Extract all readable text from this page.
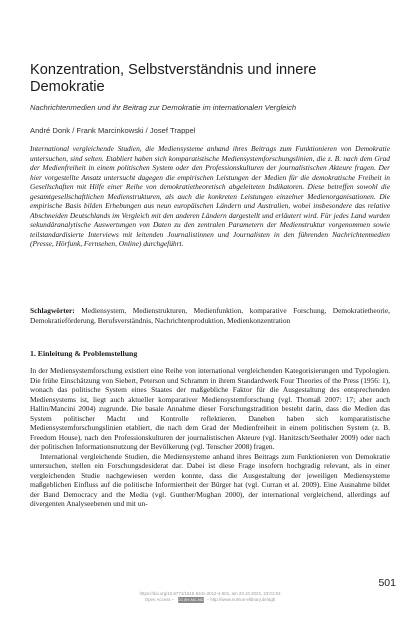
Konzentration, Selbstverständnis und innere Demokratie

Nachrichtenmedien und ihr Beitrag zur Demokratie im internationalen Vergleich

André Donk / Frank Marcinkowski / Josef Trappel

International vergleichende Studien, die Mediensysteme anhand ihres Beitrags zum Funktionieren von Demokratie untersuchen, sind selten. Etabliert haben sich komparatistische Mediensystemforschungslinien, die z. B. nach dem Grad der Medienfreiheit in einem politischen System oder den Professionskulturen der journalistischen Akteure fragen. Der hier vorgestellte Ansatz untersucht dagegen die empirischen Leistungen der Medien für die demokratische Freiheit in Gesellschaften mit Hilfe einer Reihe von demokratietheoretisch abgeleiteten Indikatoren. Diese betreffen sowohl die gesamtgesellschaftlichen Medienstrukturen, als auch die konkreten Leistungen einzelner Medienorganisationen. Die empirische Basis bilden Erhebungen aus neun europäischen Ländern und Australien, wobei insbesondere das relative Abschneiden Deutschlands im Vergleich mit den anderen Ländern dargestellt und erläutert wird. Für jedes Land wurden sekundäranalytische Auswertungen von Daten zu den zentralen Parametern der Medienstruktur vorgenommen sowie teilstandardisierte Interviews mit leitenden Journalistinnen und Journalisten in den führenden Nachrichtenmedien (Presse, Hörfunk, Fernsehen, Online) durchgeführt.

Schlagwörter: Mediensystem, Medienstrukturen, Medienfunktion, komparative Forschung, Demokratietheorie, Demokratieförderung, Berufsverständnis, Nachrichtenproduktion, Medienkonzentration

1. Einleitung & Problemstellung

In der Mediensystemforschung existiert eine Reihe von international vergleichenden Kategorisierungen und Typologien. Die frühe Einschätzung von Siebert, Peterson und Schramm in ihrem Standardwerk Four Theories of the Press (1956: 1), wonach das politische System eines Staates der maßgebliche Faktor für die Ausgestaltung des entsprechenden Mediensystems ist, liegt auch aktueller komparativer Mediensystemforschung (vgl. Thomaß 2007: 17; aber auch Hallin/Mancini 2004) zugrunde. Die basale Annahme dieser Forschungstradition besteht darin, dass die Medien das System politischer Macht und Kontrolle reflektieren. Daneben haben sich komparatistische Mediensystemforschungslinien etabliert, die nach dem Grad der Medienfreiheit in einem politischen System (z. B. Freedom House), nach den Professionskulturen der journalistischen Akteure (vgl. Hanitzsch/Seethaler 2009) oder nach der politischen Informationsnutzung der Bevölkerung (vgl. Tenscher 2008) fragen.

International vergleichende Studien, die Mediensysteme anhand ihres Beitrags zum Funktionieren von Demokratie untersuchen, stellen ein Forschungsdesiderat dar. Dabei ist diese Frage insofern hochgradig relevant, als in einer vergleichenden Studie nachgewiesen werden konnte, dass die Ausgestaltung der jeweiligen Mediensysteme maßgeblichen Einfluss auf die politische Informiertheit der Bürger hat (vgl. Curran et al. 2009). Eine Ausnahme bildet der Band Democracy and the Media (vgl. Gunther/Mughan 2000), der international vergleichend, allerdings auf divergenten Analyseebenen und mit un-

501
https://doi.org/10.5771/1615-634x-2012-4-501, am 23.10.2022, 23:01:53
Open Access – CC BY-NC-ND – http://www.nomos-elibrary.de/agb
